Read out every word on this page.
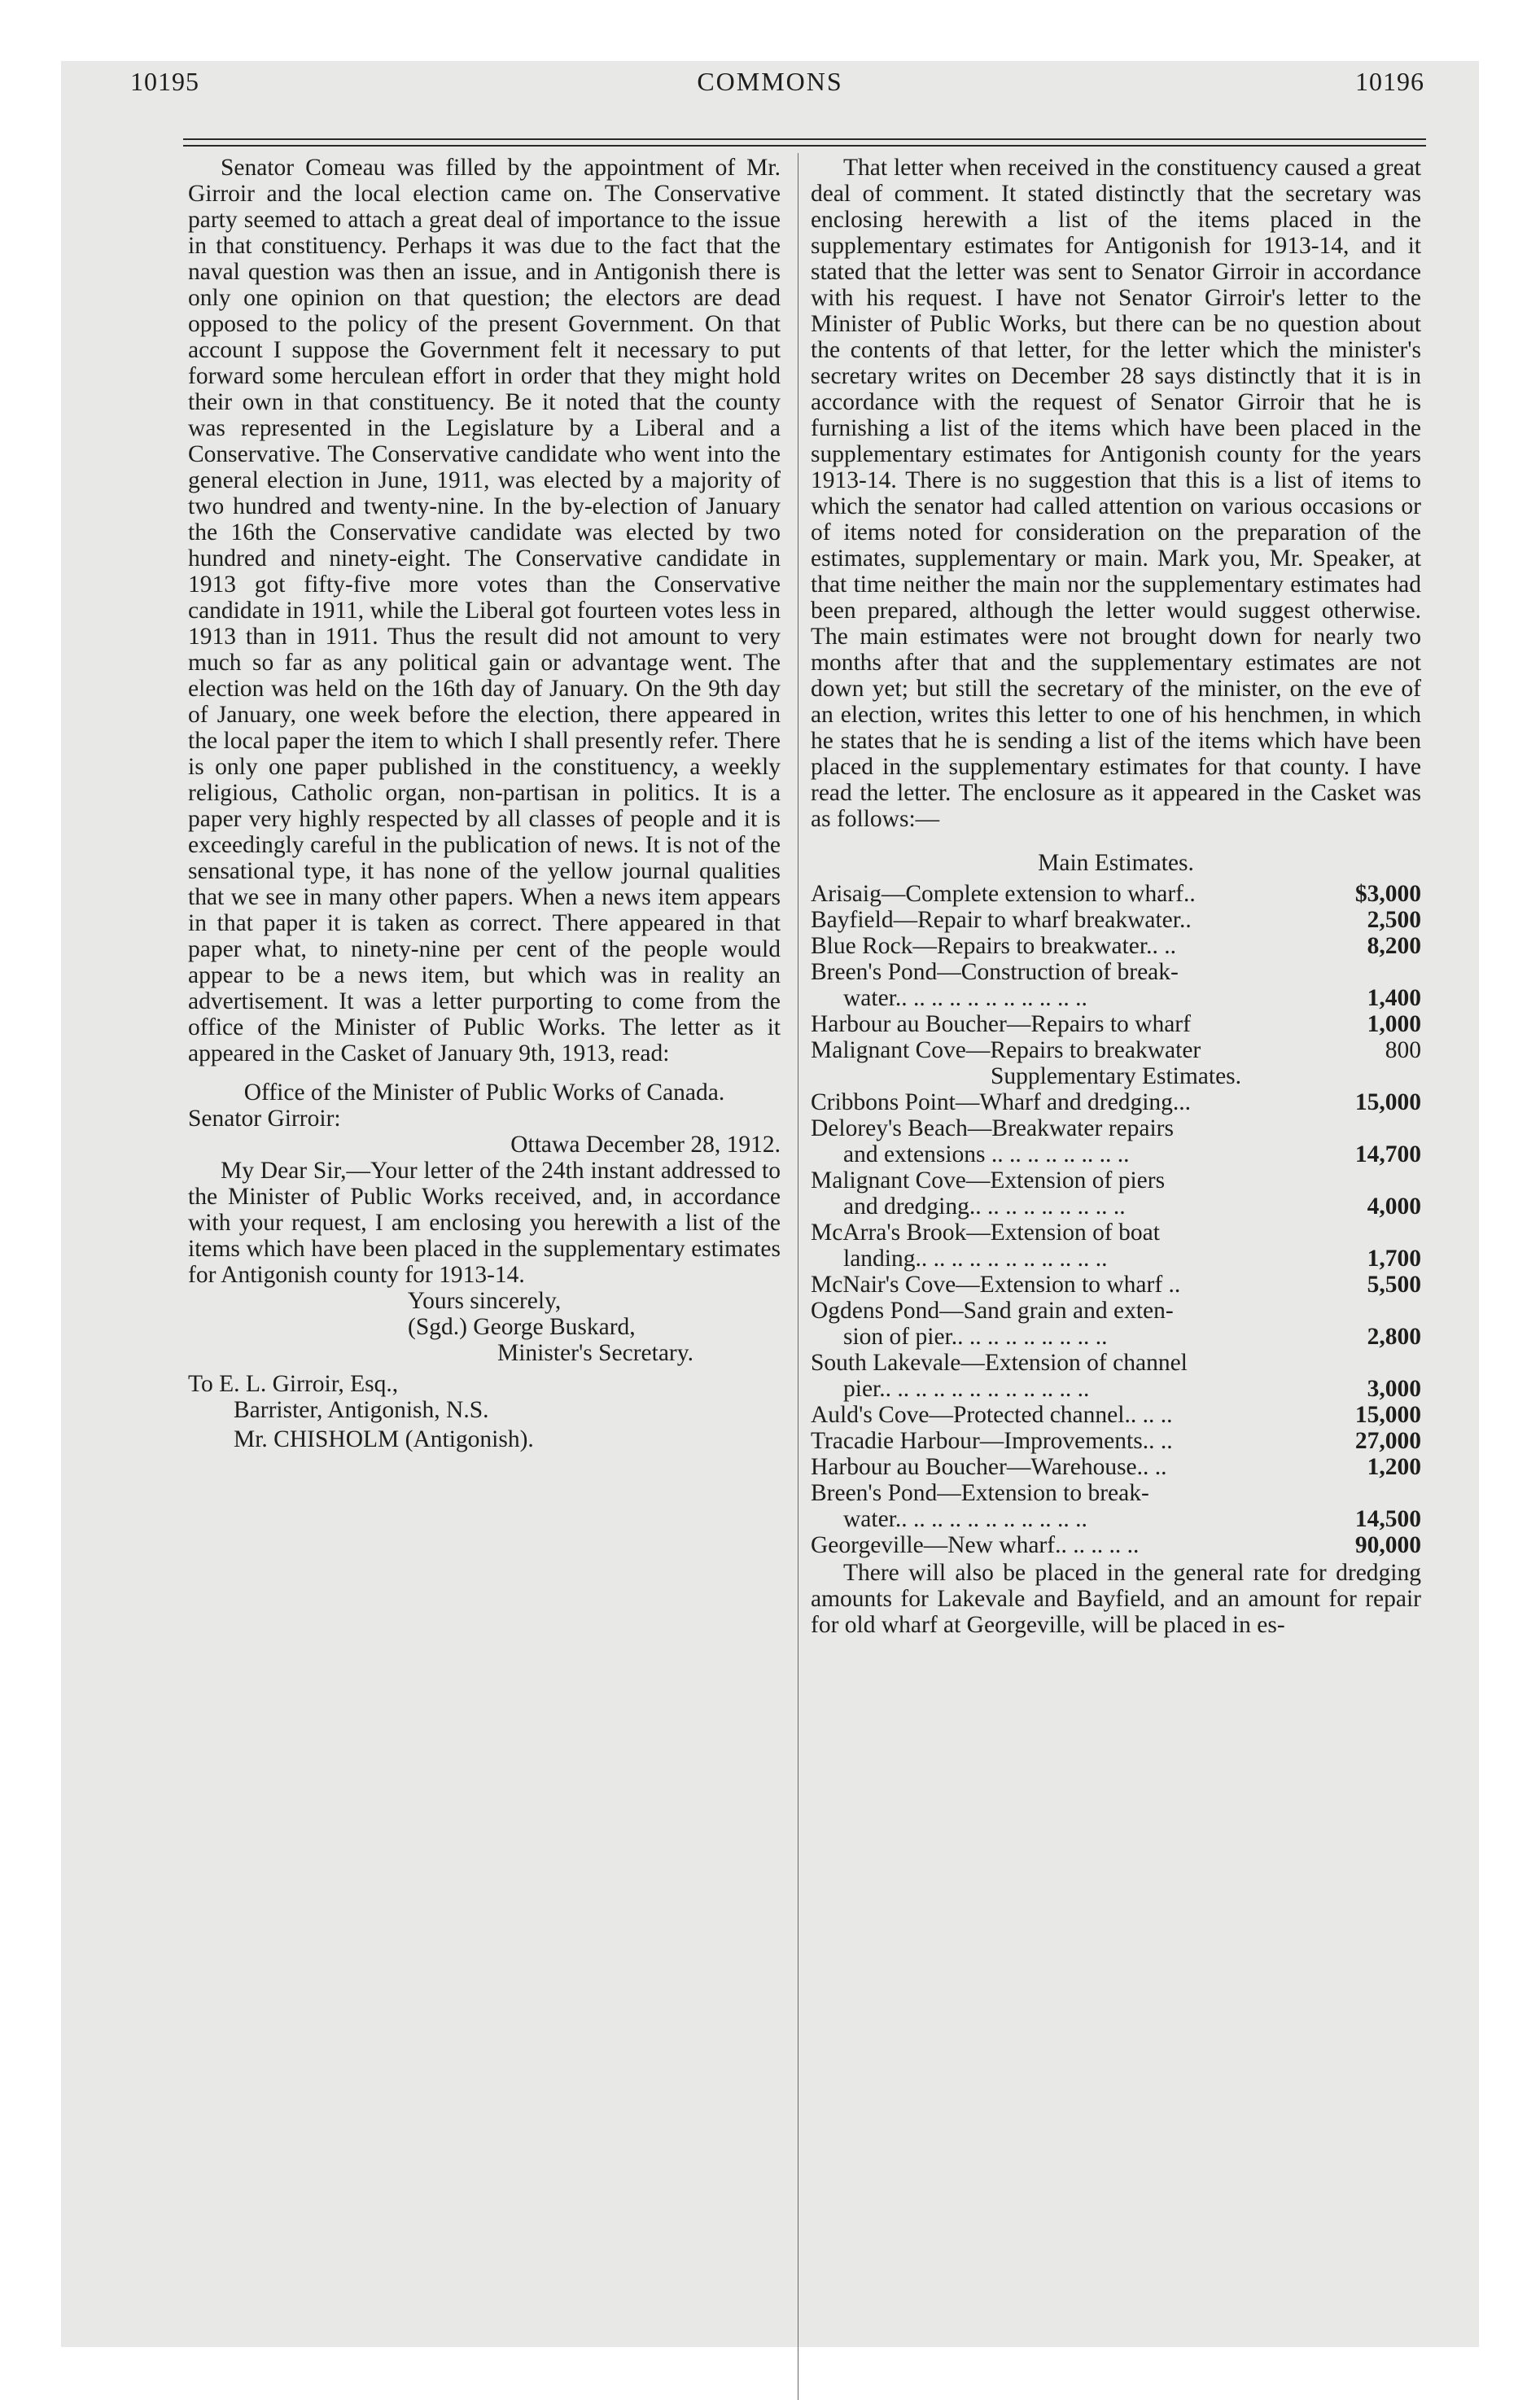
10195	COMMONS	10196

Senator Comeau was filled by the appointment of Mr. Girroir and the local election came on. The Conservative party seemed to attach a great deal of importance to the issue in that constituency. Perhaps it was due to the fact that the naval question was then an issue, and in Antigonish there is only one opinion on that question; the electors are dead opposed to the policy of the present Government. On that account I suppose the Government felt it necessary to put forward some herculean effort in order that they might hold their own in that constituency. Be it noted that the county was represented in the Legislature by a Liberal and a Conservative. The Conservative candidate who went into the general election in June, 1911, was elected by a majority of two hundred and twenty-nine. In the by-election of January the 16th the Conservative candidate was elected by two hundred and ninety-eight. The Conservative candidate in 1913 got fifty-five more votes than the Conservative candidate in 1911, while the Liberal got fourteen votes less in 1913 than in 1911. Thus the result did not amount to very much so far as any political gain or advantage went. The election was held on the 16th day of January. On the 9th day of January, one week before the election, there appeared in the local paper the item to which I shall presently refer. There is only one paper published in the constituency, a weekly religious, Catholic organ, non-partisan in politics. It is a paper very highly respected by all classes of people and it is exceedingly careful in the publication of news. It is not of the sensational type, it has none of the yellow journal qualities that we see in many other papers. When a news item appears in that paper it is taken as correct. There appeared in that paper what, to ninety-nine per cent of the people would appear to be a news item, but which was in reality an advertisement. It was a letter purporting to come from the office of the Minister of Public Works. The letter as it appeared in the Casket of January 9th, 1913, read:

Office of the Minister of Public Works of Canada.

Senator Girroir:

Ottawa December 28, 1912.

My Dear Sir,—Your letter of the 24th instant addressed to the Minister of Public Works received, and, in accordance with your request, I am enclosing you herewith a list of the items which have been placed in the supplementary estimates for Antigonish county for 1913-14.

Yours sincerely,

(Sgd.) George Buskard,

Minister's Secretary.

To E. L. Girroir, Esq.,

Barrister, Antigonish, N.S.

Mr. CHISHOLM (Antigonish).

That letter when received in the constituency caused a great deal of comment. It stated distinctly that the secretary was enclosing herewith a list of the items placed in the supplementary estimates for Antigonish for 1913-14, and it stated that the letter was sent to Senator Girroir in accordance with his request. I have not Senator Girroir's letter to the Minister of Public Works, but there can be no question about the contents of that letter, for the letter which the minister's secretary writes on December 28 says distinctly that it is in accordance with the request of Senator Girroir that he is furnishing a list of the items which have been placed in the supplementary estimates for Antigonish county for the years 1913-14. There is no suggestion that this is a list of items to which the senator had called attention on various occasions or of items noted for consideration on the preparation of the estimates, supplementary or main. Mark you, Mr. Speaker, at that time neither the main nor the supplementary estimates had been prepared, although the letter would suggest otherwise. The main estimates were not brought down for nearly two months after that and the supplementary estimates are not down yet; but still the secretary of the minister, on the eve of an election, writes this letter to one of his henchmen, in which he states that he is sending a list of the items which have been placed in the supplementary estimates for that county. I have read the letter. The enclosure as it appeared in the Casket was as follows:—

Main Estimates.

Arisaig—Complete extension to wharf..	$3,000
Bayfield—Repair to wharf breakwater..	2,500
Blue Rock—Repairs to breakwater.. ..	8,200
Breen's Pond—Construction of break-
water.. .. .. .. .. .. .. .. .. .. ..	1,400
Harbour au Boucher—Repairs to wharf	1,000
Malignant Cove—Repairs to breakwater	800

Supplementary Estimates.

Cribbons Point—Wharf and dredging...	15,000
Delorey's Beach—Breakwater repairs
and extensions .. .. .. .. .. .. .. ..	14,700
Malignant Cove—Extension of piers
and dredging.. .. .. .. .. .. .. .. ..	4,000
McArra's Brook—Extension of boat
landing.. .. .. .. .. .. .. .. .. .. ..	1,700
McNair's Cove—Extension to wharf ..	5,500
Ogdens Pond—Sand grain and exten-
sion of pier.. .. .. .. .. .. .. .. ..	2,800
South Lakevale—Extension of channel
pier.. .. .. .. .. .. .. .. .. .. .. ..	3,000
Auld's Cove—Protected channel.. .. ..	15,000
Tracadie Harbour—Improvements.. ..	27,000
Harbour au Boucher—Warehouse.. ..	1,200
Breen's Pond—Extension to break-
water.. .. .. .. .. .. .. .. .. .. ..	14,500
Georgeville—New wharf.. .. .. .. ..	90,000

There will also be placed in the general rate for dredging amounts for Lakevale and Bayfield, and an amount for repair for old wharf at Georgeville, will be placed in es-
